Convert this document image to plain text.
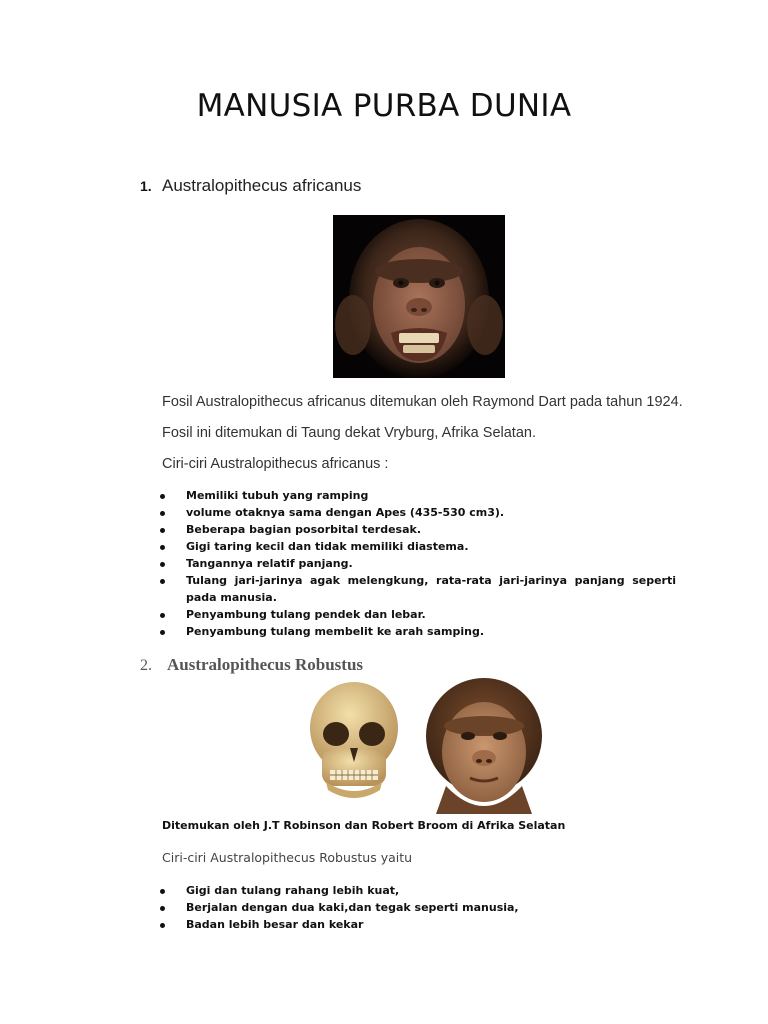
MANUSIA PURBA DUNIA
1. Australopithecus africanus
Fosil Australopithecus africanus ditemukan oleh Raymond Dart pada tahun 1924.
Fosil ini ditemukan di Taung dekat Vryburg, Afrika Selatan.
Ciri-ciri Australopithecus africanus :
Memiliki tubuh yang ramping
volume otaknya sama dengan Apes (435-530 cm3).
Beberapa bagian posorbital terdesak.
Gigi taring kecil dan tidak memiliki diastema.
Tangannya relatif panjang.
Tulang jari-jarinya agak melengkung, rata-rata jari-jarinya panjang seperti pada manusia.
Penyambung tulang pendek dan lebar.
Penyambung tulang membelit ke arah samping.
2. Australopithecus Robustus
Ditemukan oleh J.T Robinson dan Robert Broom di Afrika Selatan
Ciri-ciri Australopithecus Robustus yaitu
Gigi dan tulang rahang lebih kuat,
Berjalan dengan dua kaki,dan tegak seperti manusia,
Badan lebih besar dan kekar
